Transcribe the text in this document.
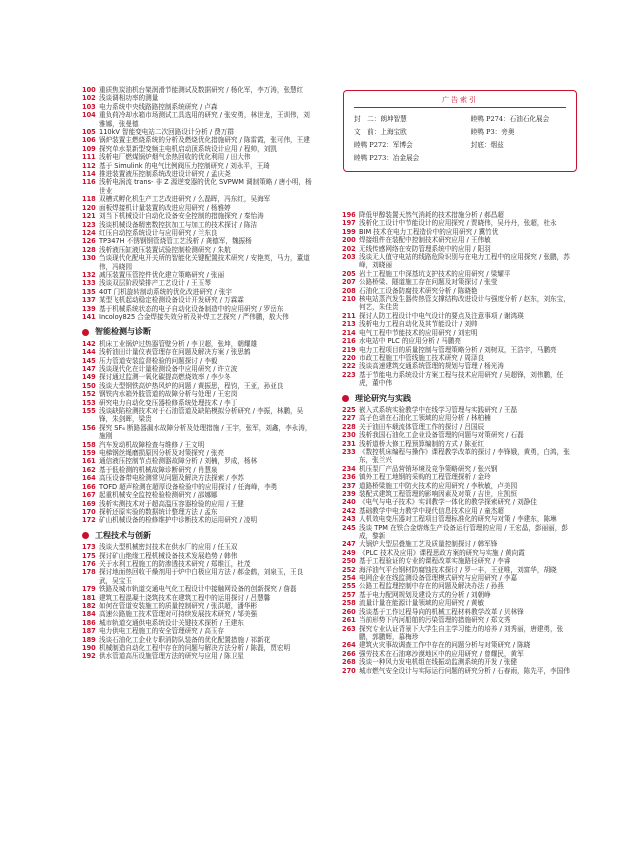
100 重质焦炭油机台架润滑节能测试及数据研究 / 杨化军，李万涛，张慧红
102 浅谈调相功率的测量
103 电力系统中央线路路控制系统研究 / 卢森
104 重负荷冷却水箱市场测试工具选用的研究 / 张安勇，林世龙，王训伟，刘雅娜，张曼德
105 110kV 智能变电站二次回路设计分析 / 费万群
106 锅炉装置主燃烧系统的分析及燃烧优化措施研究 / 陈雷霞，张可伟，王建
109 探究单水泵新型变频主电机启动顶系统设计应用 / 程帅，刘凯
111 浅析电厂燃煤锅炉烟气余热回收的优化利用 / 田大伟
112 基于 Simulink 的电气比例阀压力控制研究 / 刘永平，王琦
114 推进装置液压控制系统改进设计研究 / 孟庆尧
116 浅析电涡流 trans- 非 Z 源逆变器的优化 SVPWM 调制策略 / 唐小明，杨世业
118 双槽式孵化机生产工艺改进研究 / 么磊晖，冯东红，吴海军
120 面板焊接机计量装置的改进应用研究 / 杨雅婷
121 刘当下机械设计自动化设备安全控制的措施探究 / 秦怡涛
123 浅谈机械设备精密数控抗加工与加工的技术探讨 / 陈洁
124 红压自动控系统设计与应用研究 / 兰东良
126 TP347H 不锈钢钢管烧管工艺浅析 / 龚德军，魏振杨
128 浅析液压缸液压装置试验控制检测研究 / 朱航
130 刍谈现代化配电开关所的智能化关键配置技术研究 / 安艳英，马力，董道伟，冯晓园
132 减压装置压管控件优化建立策略研究 / 张丽
133 浅谈双层阶段梁排产工艺设计 / 王玉琴
135 40T 门机旋转制动系统的优化改进研究 / 张宇
137 某型飞机起动稳定检测设备设计开发研究 / 万霖霖
139 基于机械系统状态的电子自动化设备制造中的应用研究 / 罗岳东
141 Incoloy825 合金焊接失效分析及补焊工艺探究 / 严伟鹏，敖大伟
智能检测与诊断
142 机床工业锅炉过热器管壁分析 / 李卫超，张坤，朝耀雄
144 浅析油田计量仪表管理存在问题及解决方案 / 张思鹤
145 压力管道安装监督检验的问题探讨 / 李毅
147 浅谈现代化在计量检测设备中应用研究 / 许立波
149 探讨通过监测一氧化碳提高燃烧效率 / 李少冬
150 浅谈大型钢铁高炉热风炉的问题 / 黄振思，程钧，王亚，孙亚良
152 钢铁内水箱外肢管道的故障分析与处理 / 王宏岗
153 研究电力自动化变压器检修系统处理技术 / 李丁
155 浅谈缺陷检测技术对于石油管道及缺陷模拟分析研究 / 李振，林鹏，吴锋，朱剑晖，梁贵
156 探究 SF₆ 断路器漏水故障分析及处理措施 / 王宇，张军，刘鑫，李永涛，施刚
158 汽车发动机故障检查与维修 / 王文明
159 电梯钢丝绳磨损原因分析及对策探究 / 张亮
161 通信液压控制节点检测器故障分析 / 刘楠，罗成，杨林
162 基于低检测的机械故障诊断研究 / 肖慧泉
164 高压设备带电检测常见问题及解决方法探索 / 李苏
166 TOFD 超声检测在超厚设备检验中的应用探讨 / 任海峰，李勇
167 起重机械安全监控检验检测研究 / 邵娜娜
169 浅析实测技术对于超高温压容器检验的应用 / 王健
170 探析还原实验的数据统计整理方法 / 孟东
172 矿山机械设备的检修维护中诊断技术的运用研究 / 凌明
工程技术与创新
173 浅谈大型机械密封技术在供水厂的应用 / 任玉双
175 探讨矿山绝缘工程机械设备技术发展趋势 / 韩伟
176 关于水利工程施工的防渗透技术研究 / 郑维江，杜茂
178 探讨地面热回收干燥剂用于炉中白极应用方法 / 郝金鹤，刘泉玉，王良武，吴宝玉
179 铁路及城市轨道交通电气化工程设计中接触网设备的创新探究 / 詹磊
181 建筑工程混凝土浇筑技术在建筑工程中的运用探讨 / 吕慧馨
182 如何在管道安装施工的质量控制研究 / 张洪超，潘华彬
184 高速公路施工技术管理对可持续发展技术研究 / 邹美强
186 城市轨道交通供电系统设计关键技术探析 / 王建东
187 电力供电工程施工的安全管理研究 / 高玉存
189 浅谈石油化工企业专职消防队装备的优化配置措施 / 祁新花
190 机械制造自动化工程中存在的问题与解决方法分析 / 陈磊，贾宏明
192 供水管道高压设施管理方法的研究与应用 / 陈卫星
广告索引
封　二：朗坤智慧	睦鸭 P274：石油石化展会
文　前：上海宝欧	睦鸭 P3：旁奥
睦鸭 P272：军博会	封底：烟兹
睦鸭 P273：冶金展会
196 降低甲醇装置天然气消耗的技术措施分析 / 郝昌超
197 浅析化工设计中节能设计的应用探究 / 贾晓伟，吴丹丹，张超，杜永
199 BIM 技术在电力工程造价中的应用研究 / 冀竹优
200 焊接组件在装配中控制技术研究应用 / 王伟敏
202 无线传感网络在安防管理系统中的应用 / 阳羽
203 浅谈无人值守电站的线路危险识别与在电力工程中的应用探究 / 张鹏，苏峰，刘晓丽
205 岩土工程施工中深基坑支护技术的应用研究 / 梁耀平
207 公路桥梁、隧道施工存在问题及对策探讨 / 张莹
208 石油化工设备防腐技术研究分析 / 陈晓艳
210 核电站蒸汽发生器传热管支撑结构改进设计与强度分析 / 赵东，刘东宝，何艺，朱佳贵
211 探讨人防工程设计中电气设计的要点及注意事项 / 谢鸿瑛
213 浅析电力工程自动化及其节能设计 / 刘帅
214 电气工程中节能技术的应用研究 / 刘宏明
216 水电站中 PLC 的应用分析 / 马鹏亮
219 电力工程项目的质量控制与管理策略分析 / 刘树双，王浩宇，马鹏亮
220 市政工程施工中管线施工技术研究 / 周泽良
222 浅谈高速建筑交通系统管理的规划与管理 / 杨光涛
223 基于节能电力系统设计方案工程与技术应用研究 / 吴超锋，刘伟鹏，任虎，董中伟
理论研究与实践
225 嵌入式系统实验教学中在线学习管理与实践研究 / 王磊
227 高子色谱在石油化工领域的应用分析 / 林柏楠
228 关于油田车载流体管理工作的探讨 / 吕国辰
230 浅析我国石油化工企业设备管理的问题与对策研究 / 石磊
231 浅析道桥大修工程预算编制的方式 / 陈亚红
233 《数控机床编程与操作》课程教学改革的探讨 / 李锋娥，黄勇，白鸿，张东，张兰兴
234 机压泵厂产品营销环境及竞争策略研究 / 张兴钢
236 镇外工程工地钢的采购的工程管理探析 / 金玲
237 道路桥梁施工中防火技术的应用研究 / 李秋敏，卢美园
239 装配式建筑工程管理的影响因素及对策 / 吉世，庄凯恒
240 《电气与电子技术》实训教学一体化的教学探索研究 / 刘静佳
242 基础教学中电力教学中现代信息技术应用 / 童杰超
243 人机效电变压器对工程项目管理标准化的研究与对策 / 李建东，陈琳
245 浅谈 TPM 在铁合金熔炼生产设备运行管理的应用 / 王宏晶，彭丽丽，彭成，黎新
247 大锅炉大型层叠施工艺及质量控制探讨 / 韩军锋
249 《PLC 技术及应用》课程思政方案的研究与实施 / 黄向霞
250 基于工程验证的专业的课程改革实施路径研究 / 李睿
252 海洋油气平台钢材防腐蚀技术探讨 / 罗一丰，王亚唯，刘富华，胡晓
254 电网企业在线监测设备管理模式研究与应用研究 / 李嘉
255 公路工程监理控制中存在的问题及解决办法 / 孙燕
257 基于电力配网规划及建设方式的分析 / 刘朝峥
258 流量计量在能源计量领域的应用研究 / 黄敏
260 浅谈基于工作过程导向的机械工程材料教学改革 / 贝林锋
261 当前形势下内河船舶的污染管理的措施研究 / 郑文秀
263 探究专业认证背景下大学生自主学习能力的培养 / 刘秀丽，唐建勇，张鹏，郭鹏辉，慕梅珍
264 建筑火灾事故调查工作中存在的问题分析与对策研究 / 陈晓
266 强劳技术在石油寒沙漠地区中的应用研究 / 曾耀民，黄军
268 浅谈一种风力发电机组在线振动监测系统的开发 / 张健
270 城市燃气安全设计与实际运行问题的研究分析 / 石春雨，陈先平，李国伟
